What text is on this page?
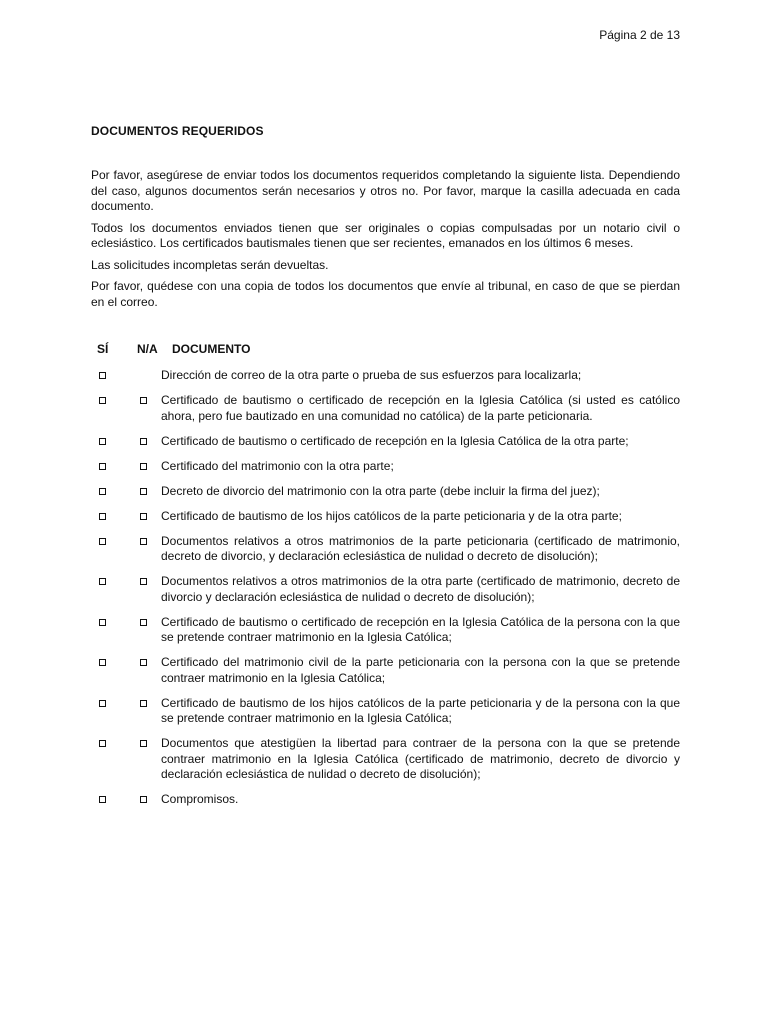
Página 2 de 13
DOCUMENTOS REQUERIDOS

Por favor, asegúrese de enviar todos los documentos requeridos completando la siguiente lista. Dependiendo del caso, algunos documentos serán necesarios y otros no. Por favor, marque la casilla adecuada en cada documento.

Todos los documentos enviados tienen que ser originales o copias compulsadas por un notario civil o eclesiástico. Los certificados bautismales tienen que ser recientes, emanados en los últimos 6 meses.

Las solicitudes incompletas serán devueltas.

Por favor, quédese con una copia de todos los documentos que envíe al tribunal, en caso de que se pierdan en el correo.

SÍ N/A DOCUMENTO
Dirección de correo de la otra parte o prueba de sus esfuerzos para localizarla;
Certificado de bautismo o certificado de recepción en la Iglesia Católica (si usted es católico ahora, pero fue bautizado en una comunidad no católica) de la parte peticionaria.
Certificado de bautismo o certificado de recepción en la Iglesia Católica de la otra parte;
Certificado del matrimonio con la otra parte;
Decreto de divorcio del matrimonio con la otra parte (debe incluir la firma del juez);
Certificado de bautismo de los hijos católicos de la parte peticionaria y de la otra parte;
Documentos relativos a otros matrimonios de la parte peticionaria (certificado de matrimonio, decreto de divorcio, y declaración eclesiástica de nulidad o decreto de disolución);
Documentos relativos a otros matrimonios de la otra parte (certificado de matrimonio, decreto de divorcio y declaración eclesiástica de nulidad o decreto de disolución);
Certificado de bautismo o certificado de recepción en la Iglesia Católica de la persona con la que se pretende contraer matrimonio en la Iglesia Católica;
Certificado del matrimonio civil de la parte peticionaria con la persona con la que se pretende contraer matrimonio en la Iglesia Católica;
Certificado de bautismo de los hijos católicos de la parte peticionaria y de la persona con la que se pretende contraer matrimonio en la Iglesia Católica;
Documentos que atestigüen la libertad para contraer de la persona con la que se pretende contraer matrimonio en la Iglesia Católica (certificado de matrimonio, decreto de divorcio y declaración eclesiástica de nulidad o decreto de disolución);
Compromisos.
